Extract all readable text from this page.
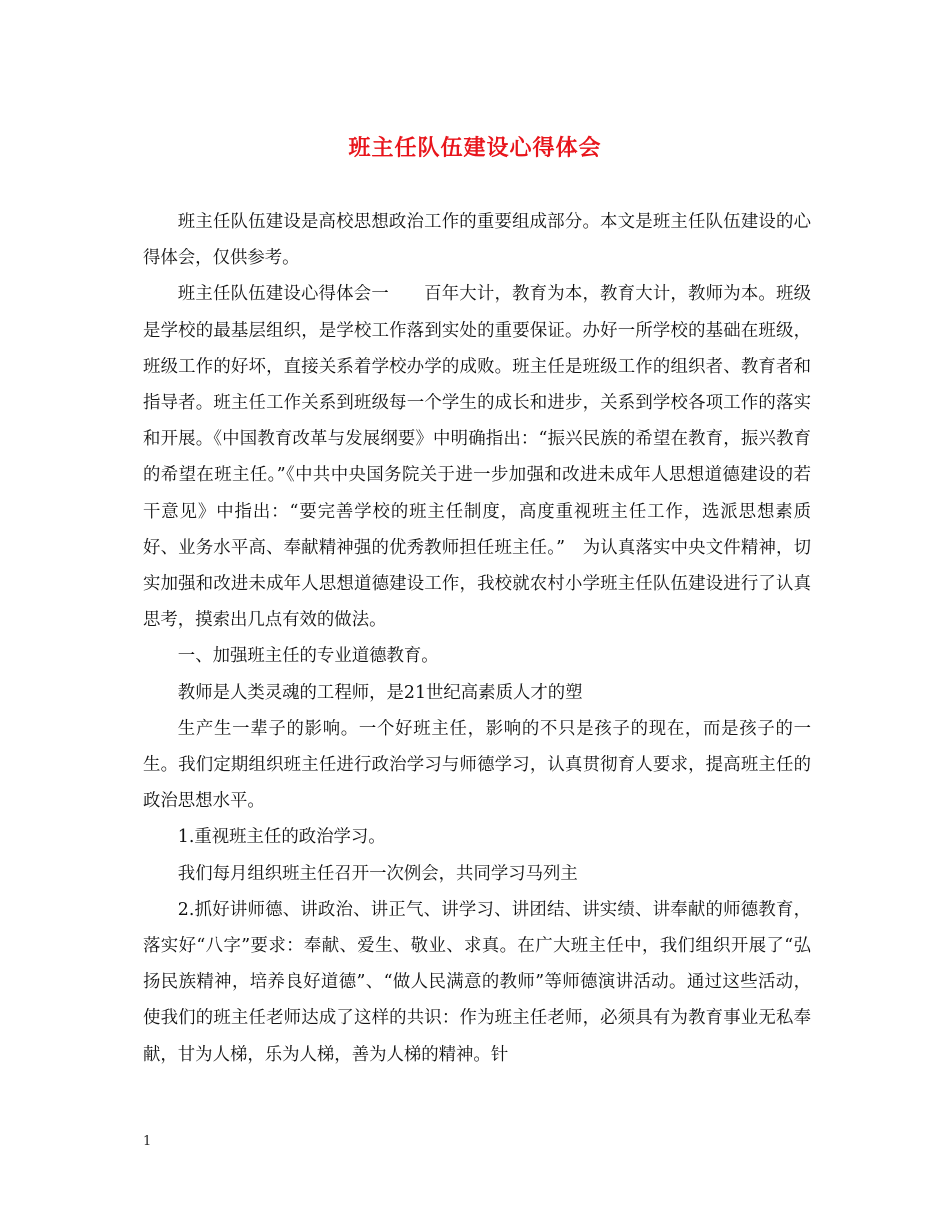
班主任队伍建设心得体会

班主任队伍建设是高校思想政治工作的重要组成部分。本文是班主任队伍建设的心得体会，仅供参考。

班主任队伍建设心得体会一　　百年大计，教育为本，教育大计，教师为本。班级是学校的最基层组织，是学校工作落到实处的重要保证。办好一所学校的基础在班级，班级工作的好坏，直接关系着学校办学的成败。班主任是班级工作的组织者、教育者和指导者。班主任工作关系到班级每一个学生的成长和进步，关系到学校各项工作的落实和开展。《中国教育改革与发展纲要》中明确指出：“振兴民族的希望在教育，振兴教育的希望在班主任。”《中共中央国务院关于进一步加强和改进未成年人思想道德建设的若干意见》中指出：“要完善学校的班主任制度，高度重视班主任工作，选派思想素质好、业务水平高、奉献精神强的优秀教师担任班主任。”　为认真落实中央文件精神，切实加强和改进未成年人思想道德建设工作，我校就农村小学班主任队伍建设进行了认真思考，摸索出几点有效的做法。

一、加强班主任的专业道德教育。

教师是人类灵魂的工程师，是21世纪高素质人才的塑

生产生一辈子的影响。一个好班主任，影响的不只是孩子的现在，而是孩子的一生。我们定期组织班主任进行政治学习与师德学习，认真贯彻育人要求，提高班主任的政治思想水平。

1.重视班主任的政治学习。

我们每月组织班主任召开一次例会，共同学习马列主

2.抓好讲师德、讲政治、讲正气、讲学习、讲团结、讲实绩、讲奉献的师德教育，落实好“八字”要求：奉献、爱生、敬业、求真。在广大班主任中，我们组织开展了“弘扬民族精神，培养良好道德”、“做人民满意的教师”等师德演讲活动。通过这些活动，使我们的班主任老师达成了这样的共识：作为班主任老师，必须具有为教育事业无私奉献，甘为人梯，乐为人梯，善为人梯的精神。针

1
